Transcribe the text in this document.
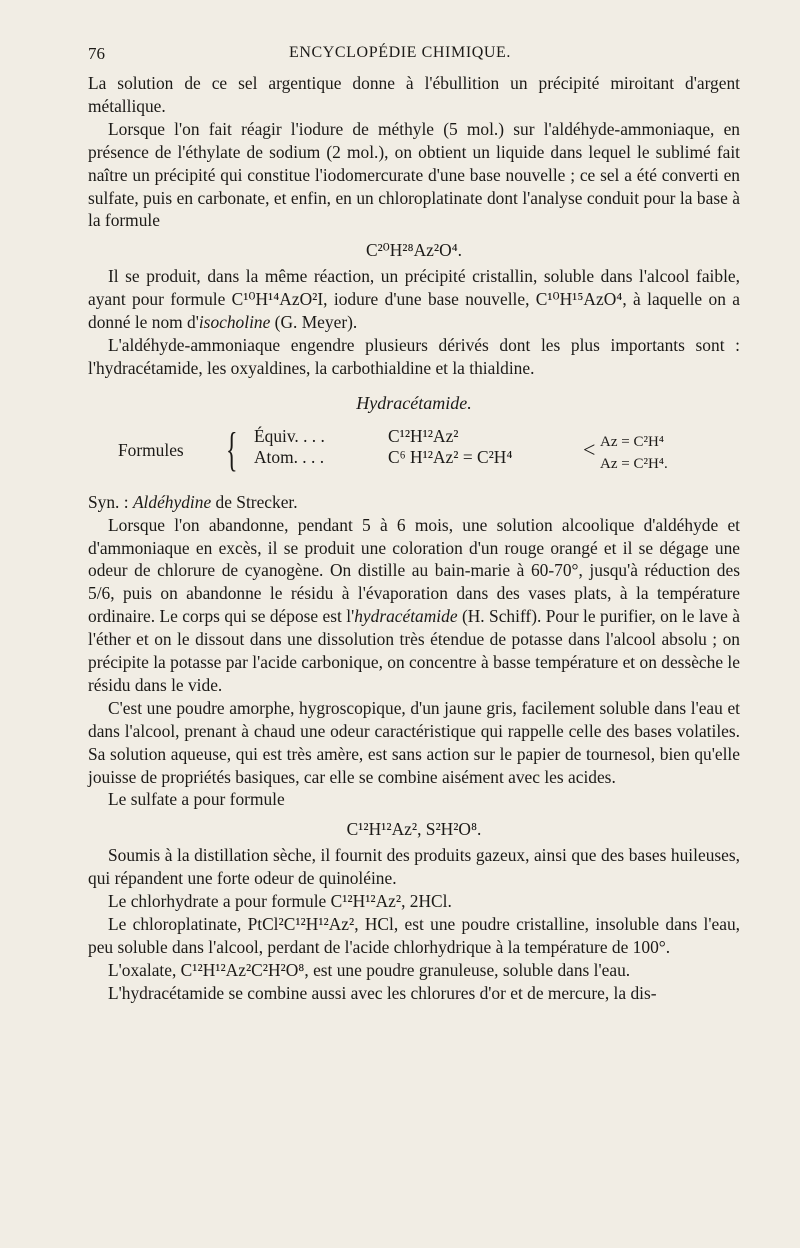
76	ENCYCLOPÉDIE CHIMIQUE.

La solution de ce sel argentique donne à l'ébullition un précipité miroitant d'argent métallique.

Lorsque l'on fait réagir l'iodure de méthyle (5 mol.) sur l'aldéhyde-ammoniaque, en présence de l'éthylate de sodium (2 mol.), on obtient un liquide dans lequel le sublimé fait naître un précipité qui constitue l'iodomercurate d'une base nouvelle ; ce sel a été converti en sulfate, puis en carbonate, et enfin, en un chloroplatinate dont l'analyse conduit pour la base à la formule

C²⁰H²⁸Az²O⁴.

Il se produit, dans la même réaction, un précipité cristallin, soluble dans l'alcool faible, ayant pour formule C¹⁰H¹⁴AzO²I, iodure d'une base nouvelle, C¹⁰H¹⁵AzO⁴, à laquelle on a donné le nom d'isocholine (G. Meyer).

L'aldéhyde-ammoniaque engendre plusieurs dérivés dont les plus importants sont : l'hydracétamide, les oxyaldines, la carbothialdine et la thialdine.

Hydracétamide.
Formules { Équiv. . . .	C¹²H¹²Az²
Atom. . . .	C⁶ H¹²Az² = C²H⁴	< Az = C²H⁴
Az = C²H⁴.

Syn. : Aldéhydine de Strecker.

Lorsque l'on abandonne, pendant 5 à 6 mois, une solution alcoolique d'aldéhyde et d'ammoniaque en excès, il se produit une coloration d'un rouge orangé et il se dégage une odeur de chlorure de cyanogène. On distille au bain-marie à 60-70°, jusqu'à réduction des 5/6, puis on abandonne le résidu à l'évaporation dans des vases plats, à la température ordinaire. Le corps qui se dépose est l'hydracétamide (H. Schiff). Pour le purifier, on le lave à l'éther et on le dissout dans une dissolution très étendue de potasse dans l'alcool absolu ; on précipite la potasse par l'acide carbonique, on concentre à basse température et on dessèche le résidu dans le vide.

C'est une poudre amorphe, hygroscopique, d'un jaune gris, facilement soluble dans l'eau et dans l'alcool, prenant à chaud une odeur caractéristique qui rappelle celle des bases volatiles. Sa solution aqueuse, qui est très amère, est sans action sur le papier de tournesol, bien qu'elle jouisse de propriétés basiques, car elle se combine aisément avec les acides.

Le sulfate a pour formule

C¹²H¹²Az², S²H²O⁸.

Soumis à la distillation sèche, il fournit des produits gazeux, ainsi que des bases huileuses, qui répandent une forte odeur de quinoléine.

Le chlorhydrate a pour formule C¹²H¹²Az², 2HCl.

Le chloroplatinate, PtCl²C¹²H¹²Az², HCl, est une poudre cristalline, insoluble dans l'eau, peu soluble dans l'alcool, perdant de l'acide chlorhydrique à la température de 100°.

L'oxalate, C¹²H¹²Az²C²H²O⁸, est une poudre granuleuse, soluble dans l'eau.

L'hydracétamide se combine aussi avec les chlorures d'or et de mercure, la dis-
